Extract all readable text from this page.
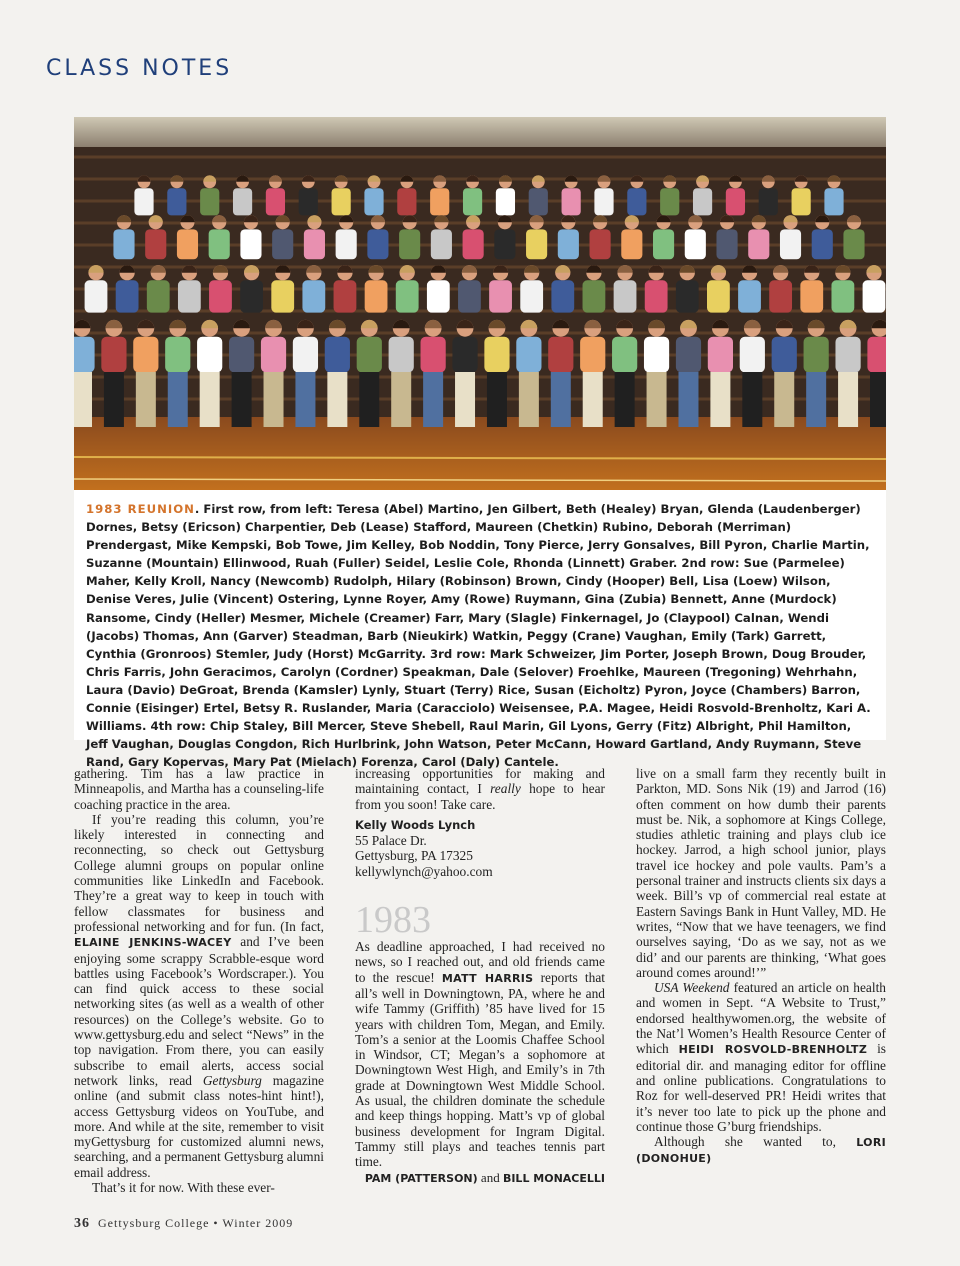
CLASS NOTES
1983 REUNION. First row, from left: Teresa (Abel) Martino, Jen Gilbert, Beth (Healey) Bryan, Glenda (Laudenberger) Dornes, Betsy (Ericson) Charpentier, Deb (Lease) Stafford, Maureen (Chetkin) Rubino, Deborah (Merriman) Prendergast, Mike Kempski, Bob Towe, Jim Kelley, Bob Noddin, Tony Pierce, Jerry Gonsalves, Bill Pyron, Charlie Martin, Suzanne (Mountain) Ellinwood, Ruah (Fuller) Seidel, Leslie Cole, Rhonda (Linnett) Graber. 2nd row: Sue (Parmelee) Maher, Kelly Kroll, Nancy (Newcomb) Rudolph, Hilary (Robinson) Brown, Cindy (Hooper) Bell, Lisa (Loew) Wilson, Denise Veres, Julie (Vincent) Ostering, Lynne Royer, Amy (Rowe) Ruymann, Gina (Zubia) Bennett, Anne (Murdock) Ransome, Cindy (Heller) Mesmer, Michele (Creamer) Farr, Mary (Slagle) Finkernagel, Jo (Claypool) Calnan, Wendi (Jacobs) Thomas, Ann (Garver) Steadman, Barb (Nieukirk) Watkin, Peggy (Crane) Vaughan, Emily (Tark) Garrett, Cynthia (Gronroos) Stemler, Judy (Horst) McGarrity. 3rd row: Mark Schweizer, Jim Porter, Joseph Brown, Doug Brouder, Chris Farris, John Geracimos, Carolyn (Cordner) Speakman, Dale (Selover) Froehlke, Maureen (Tregoning) Wehrhahn, Laura (Davio) DeGroat, Brenda (Kamsler) Lynly, Stuart (Terry) Rice, Susan (Eicholtz) Pyron, Joyce (Chambers) Barron, Connie (Eisinger) Ertel, Betsy R. Ruslander, Maria (Caracciolo) Weisensee, P.A. Magee, Heidi Rosvold-Brenholtz, Kari A. Williams. 4th row: Chip Staley, Bill Mercer, Steve Shebell, Raul Marin, Gil Lyons, Gerry (Fitz) Albright, Phil Hamilton, Jeff Vaughan, Douglas Congdon, Rich Hurlbrink, John Watson, Peter McCann, Howard Gartland, Andy Ruymann, Steve Rand, Gary Kopervas, Mary Pat (Mielach) Forenza, Carol (Daly) Cantele.

gathering. Tim has a law practice in Minneapolis, and Martha has a counseling-life coaching practice in the area.

If you’re reading this column, you’re likely interested in connecting and reconnecting, so check out Gettysburg College alumni groups on popular online communities like LinkedIn and Facebook. They’re a great way to keep in touch with fellow classmates for business and professional networking and for fun. (In fact, ELAINE JENKINS-WACEY and I’ve been enjoying some scrappy Scrabble-esque word battles using Facebook’s Wordscraper.). You can find quick access to these social networking sites (as well as a wealth of other resources) on the College’s website. Go to www.gettysburg.edu and select “News” in the top navigation. From there, you can easily subscribe to email alerts, access social network links, read Gettysburg magazine online (and submit class notes-hint hint!), access Gettysburg videos on YouTube, and more. And while at the site, remember to visit myGettysburg for customized alumni news, searching, and a permanent Gettysburg alumni email address.

That’s it for now. With these ever-

increasing opportunities for making and maintaining contact, I really hope to hear from you soon! Take care.

Kelly Woods Lynch
55 Palace Dr.
Gettysburg, PA 17325
kellywlynch@yahoo.com
1983

As deadline approached, I had received no news, so I reached out, and old friends came to the rescue! MATT HARRIS reports that all’s well in Downingtown, PA, where he and wife Tammy (Griffith) ’85 have lived for 15 years with children Tom, Megan, and Emily. Tom’s a senior at the Loomis Chaffee School in Windsor, CT; Megan’s a sophomore at Downingtown West High, and Emily’s in 7th grade at Downingtown West Middle School. As usual, the children dominate the schedule and keep things hopping. Matt’s vp of global business development for Ingram Digital. Tammy still plays and teaches tennis part time.

PAM (PATTERSON) and BILL MONACELLI

live on a small farm they recently built in Parkton, MD. Sons Nik (19) and Jarrod (16) often comment on how dumb their parents must be. Nik, a sophomore at Kings College, studies athletic training and plays club ice hockey. Jarrod, a high school junior, plays travel ice hockey and pole vaults. Pam’s a personal trainer and instructs clients six days a week. Bill’s vp of commercial real estate at Eastern Savings Bank in Hunt Valley, MD. He writes, “Now that we have teenagers, we find ourselves saying, ‘Do as we say, not as we did’ and our parents are thinking, ‘What goes around comes around!’”

USA Weekend featured an article on health and women in Sept. “A Website to Trust,” endorsed healthywomen.org, the website of the Nat’l Women’s Health Resource Center of which HEIDI ROSVOLD-BRENHOLTZ is editorial dir. and managing editor for offline and online publications. Congratulations to Roz for well-deserved PR! Heidi writes that it’s never too late to pick up the phone and continue those G’burg friendships.

Although she wanted to, LORI (DONOHUE)

36 Gettysburg College • Winter 2009
